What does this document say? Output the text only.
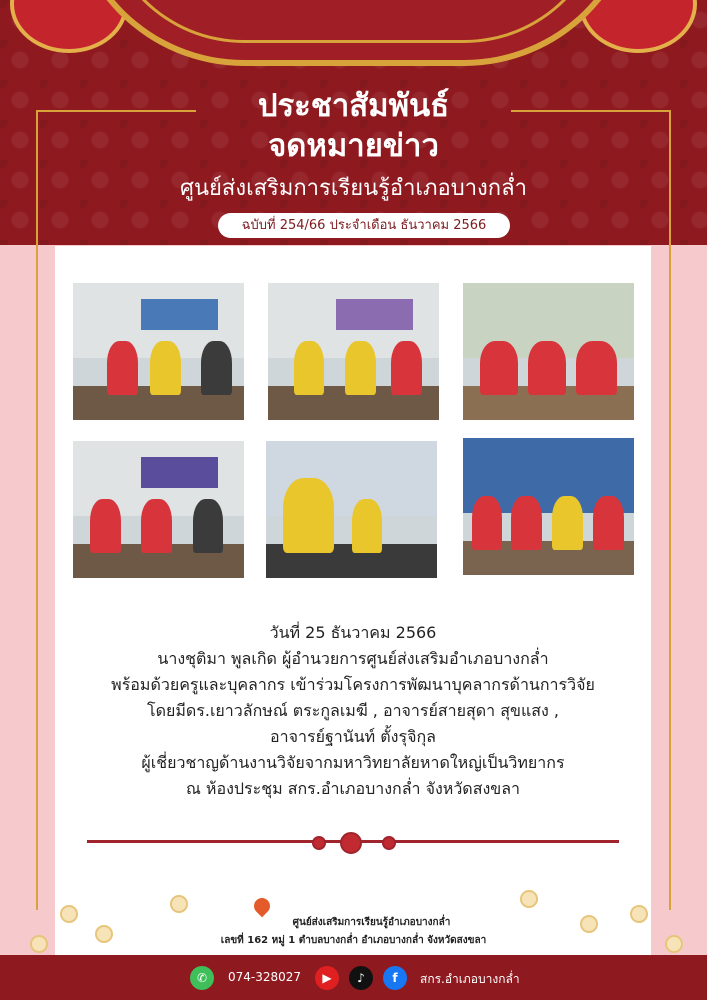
ประชาสัมพันธ์
จดหมายข่าว
ศูนย์ส่งเสริมการเรียนรู้อำเภอบางกล่ำ
ฉบับที่ 254/66 ประจำเดือน ธันวาคม 2566
วันที่ 25 ธันวาคม 2566
นางชุติมา พูลเกิด ผู้อำนวยการศูนย์ส่งเสริมอำเภอบางกล่ำ
พร้อมด้วยครูและบุคลากร เข้าร่วมโครงการพัฒนาบุคลากรด้านการวิจัย
โดยมีดร.เยาวลักษณ์ ตระกูลเมฆี , อาจารย์สายสุดา สุขแสง ,
อาจารย์ฐานันท์ ตั้งรุจิกุล
ผู้เชี่ยวชาญด้านงานวิจัยจากมหาวิทยาลัยหาดใหญ่เป็นวิทยากร
ณ ห้องประชุม สกร.อำเภอบางกล่ำ จังหวัดสงขลา
ศูนย์ส่งเสริมการเรียนรู้อำเภอบางกล่ำ
เลขที่ 162 หมู่ 1 ตำบลบางกล่ำ อำเภอบางกล่ำ จังหวัดสงขลา
✆	074-328027	▶	♪	f	สกร.อำเภอบางกล่ำ
